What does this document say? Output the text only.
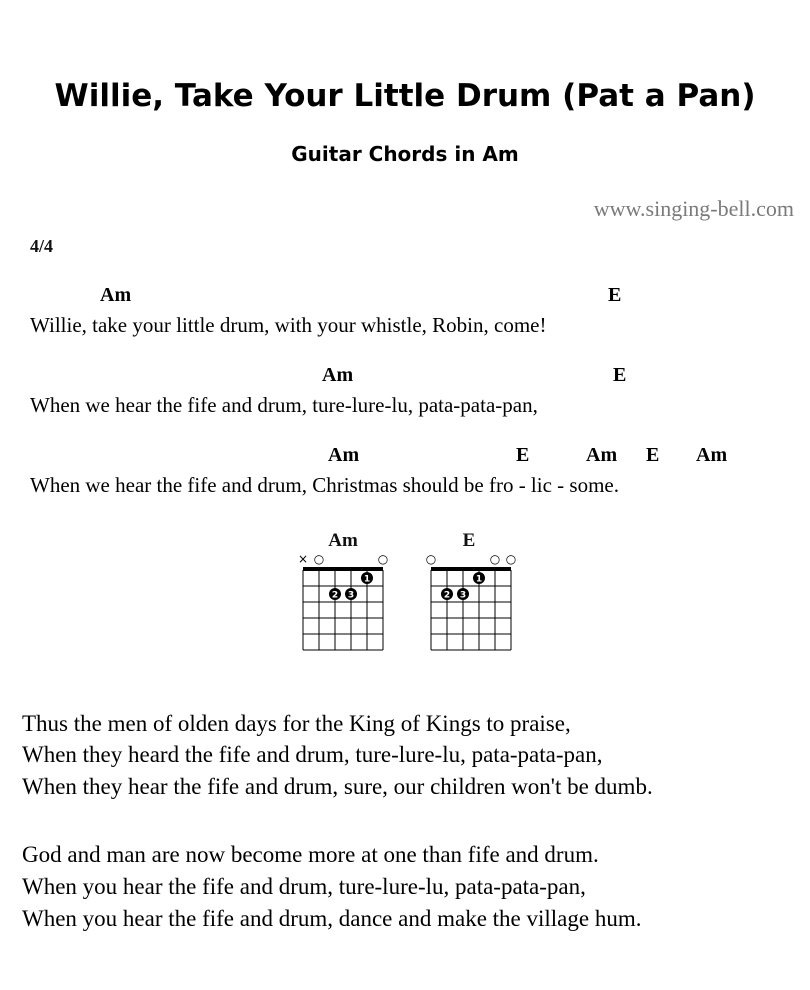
Willie, Take Your Little Drum (Pat a Pan)
Guitar Chords in Am
www.singing-bell.com
4/4
Am	E
Willie, take your little drum, with your whistle, Robin, come!
Am	E
When we hear the fife and drum, ture-lure-lu, pata-pata-pan,
Am	E	Am E Am
When we hear the fife and drum, Christmas should be fro - lic - some.
Am
× ○	○
1
2 3
E
○	○ ○
1
2 3
Thus the men of olden days for the King of Kings to praise,
When they heard the fife and drum, ture-lure-lu, pata-pata-pan,
When they hear the fife and drum, sure, our children won't be dumb.
God and man are now become more at one than fife and drum.
When you hear the fife and drum, ture-lure-lu, pata-pata-pan,
When you hear the fife and drum, dance and make the village hum.
